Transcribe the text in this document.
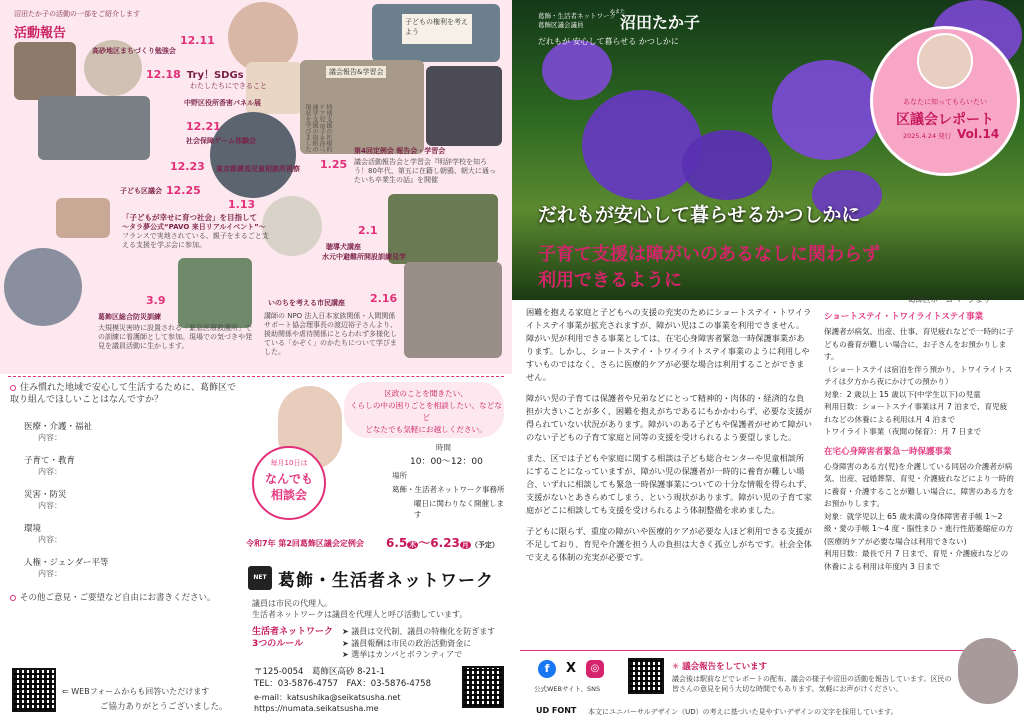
沼田たか子の活動の一部をご紹介します
活動報告
子どもの権利を考えよう
議会報告&学習会
12.11
高砂地区まちづくり勉強会
12.18 Try！SDGs
わたしたちにできること
中野区役所香害パネル展
12.21
社会保障ゲーム体験会
12.23 東京都練馬児童相談所視察
子ども区議会 12.25
1.13
「子どもが幸せに育つ社会」を目指して
～タラ夢公式“PAVO 来日リアルイベント”～
フランスで実地されている、親子をまるごと支える支援を学ぶ会に参加。
1.25
第4回定例会 報告会・学習会
議会活動報告会と学習会『明辞学校を知ろう！80年代、第五に在籍し朝鴉、朝大に通ったいち卒業生の話』を開催
特別支援の医療的ケア児 母子を待つ通学支援の取組の現状を学びました
2.1
聴導犬講座
水元中避難所開設訓練見学
2.16
いのちを考える市民講座
講師の NPO 法人日本家族関係・人間関係サポート協会理事長の渡辺裕子さんより、援助関係や虐待関係にとらわれず多様化している「かぞく」のかたちについて学びました。
3.9
葛飾区総合防災訓練
大規模災害時に設置される「緊急医療救護所」での訓練に看護師として参加。現場での気づきや発見を議員活動に生かします。
住み慣れた地域で安心して生活するために、葛飾区で取り組んでほしいことはなんですか？
医療・介護・福祉
内容：
子育て・教育
内容：
災害・防災
内容：
環境
内容：
人権・ジェンダー平等
内容：
その他ご意見・ご要望など自由にお書きください。
⇐ WEBフォームからも回答いただけます
ご協力ありがとうございました。
区政のことを聞きたい、
くらしの中の困りごとを相談したい、などなど
どなたでも気軽にお越しください。
毎月10日は
なんでも
相談会
時間
10：00～12：00
場所
葛飾・生活者ネットワーク事務所
曜日に関わりなく開催します
令和7年 第2回葛飾区議会定例会 6.5 木 ～6.23 月 （予定）
NET 葛飾・生活者ネットワーク
議員は市民の代理人。
生活者ネットワークは議員を代理人と呼び活動しています。
生活者ネットワーク 3つのルール
➤ 議員は交代制、議員の特権化を防ぎます
➤ 議員報酬は市民の政治活動資金に
➤ 選挙はカンパとボランティアで
〒125-0054　葛飾区高砂 8-21-1
TEL：03-5876-4757　FAX：03-5876-4758
e-mail：katsushika@seikatsusha.net
https://numata.seikatsusha.me
葛飾・生活者ネットワーク
葛飾区議会議員
ぬまた
沼田たか子
だれもが 安心して暮らせる かつしかに
あなたに知ってもらいたい
区議会レポート
2025.4.24 発行 Vol.14
だれもが安心して暮らせるかつしかに
子育て支援は障がいのあるなしに関わらず
利用できるように
葛飾区ホームページより

困難を抱える家庭と子どもへの支援の充実のためにショートステイ・トワイライトステイ事業が拡充されますが、障がい児はこの事業を利用できません。障がい児が利用できる事業としては、在宅心身障害者緊急一時保護事業があります。しかし、ショートステイ・トワイライトステイ事業のように利用しやすいものではなく、さらに医療的ケアが必要な場合は利用することができません。

障がい児の子育ては保護者や兄弟などにとって精神的・肉体的・経済的な負担が大きいことが多く、困難を抱えがちであるにもかかわらず、必要な支援が得られていない状況があります。障がいのある子どもや保護者がせめて障がいのない子どもの子育て家庭と同等の支援を受けられるよう要望しました。

また、区では子どもや家庭に関する相談は子ども総合センターや児童相談所にすることになっていますが、障がい児の保護者が一時的に養育が難しい場合、いずれに相談しても緊急一時保護事業についての十分な情報を得られず、支援がないとあきらめてしまう、という現状があります。障がい児の子育て家庭がどこに相談しても支援を受けられるよう体制整備を求めました。

子どもに限らず、重度の障がいや医療的ケアが必要な人ほど利用できる支援が不足しており、育児や介護を担う人の負担は大きく孤立しがちです。社会全体で支える体制の充実が必要です。

ショートステイ・トワイライトステイ事業

保護者が病気、出産、仕事、育児疲れなどで一時的に子どもの養育が難しい場合に、お子さんをお預かりします。

（ショートステイは宿泊を伴う預かり、トワイライトステイは夕方から夜にかけての預かり）

対象：2 歳以上 15 歳以下(中学生以下)の児童

利用日数：ショートステイ事業は月 7 泊まで、育児疲れなどの休養による利用は月 4 泊まで

トワイライト事業（夜間の保育）：月 7 日まで

在宅心身障害者緊急一時保護事業

心身障害のある方(児)を介護している同居の介護者が病気、出産、冠婚葬祭、育児・介護疲れなどにより一時的に養育・介護することが難しい場合に、障害のある方をお預かりします。

対象：就学児以上 65 歳未満の身体障害者手帳 1～2 級・愛の手帳 1～4 度・脳性まひ・進行性筋萎縮症の方

(医療的ケアが必要な場合は利用できない)

利用日数：最長で月 7 日まで、育児・介護疲れなどの休養による利用は年度内 3 日まで

f	X	◎
公式WEBサイト、SNS
✳ 議会報告をしています
議会後は駅前などでレポートの配布、議会の様子や沼田の活動を報告しています。区民の皆さんの意見を伺う大切な時間でもあります。気軽にお声がけください。
UD FONT 本文にユニバーサルデザイン（UD）の考えに基づいた見やすいデザインの文字を採用しています。
